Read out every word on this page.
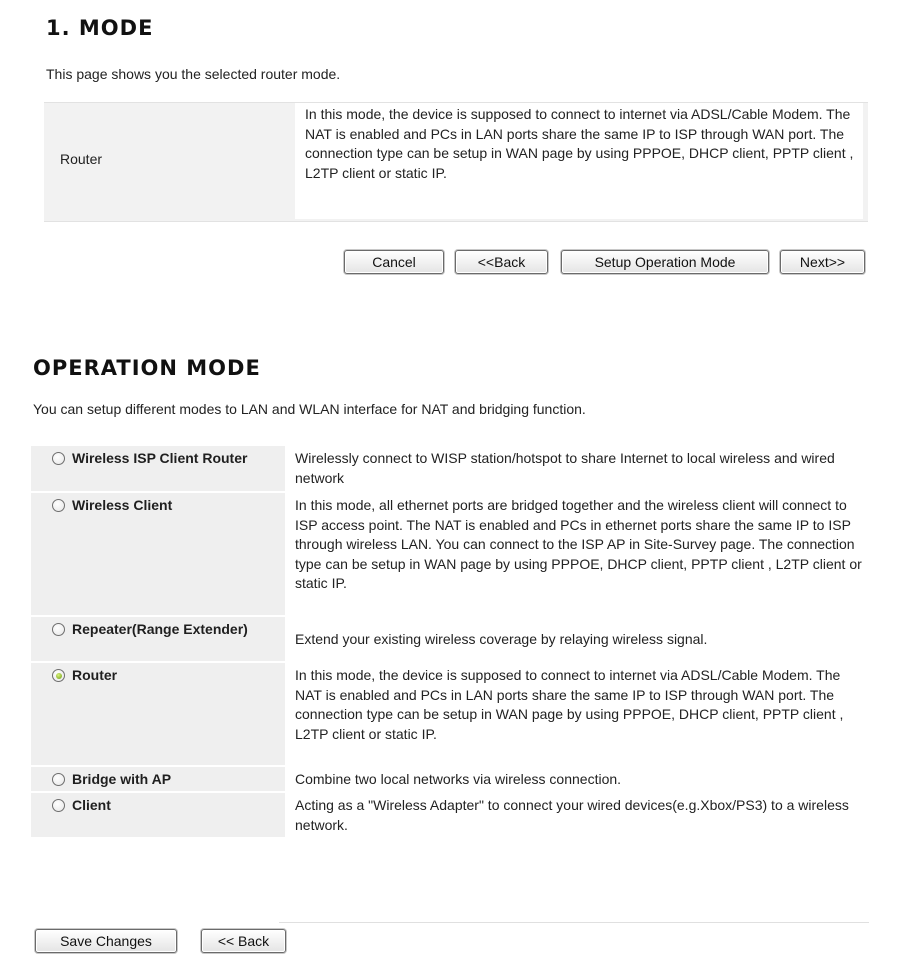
1. MODE

This page shows you the selected router mode.

Router
In this mode, the device is supposed to connect to internet via ADSL/Cable Modem. The NAT is enabled and PCs in LAN ports share the same IP to ISP through WAN port. The connection type can be setup in WAN page by using PPPOE, DHCP client, PPTP client , L2TP client or static IP.
Cancel	<<Back	Setup Operation Mode	Next>>
OPERATION MODE

You can setup different modes to LAN and WLAN interface for NAT and bridging function.

Wireless ISP Client Router	Wirelessly connect to WISP station/hotspot to share Internet to local wireless and wired network
Wireless Client	In this mode, all ethernet ports are bridged together and the wireless client will connect to ISP access point. The NAT is enabled and PCs in ethernet ports share the same IP to ISP through wireless LAN. You can connect to the ISP AP in Site-Survey page. The connection type can be setup in WAN page by using PPPOE, DHCP client, PPTP client , L2TP client or static IP.
Repeater(Range Extender)	Extend your existing wireless coverage by relaying wireless signal.
Router	In this mode, the device is supposed to connect to internet via ADSL/Cable Modem. The NAT is enabled and PCs in LAN ports share the same IP to ISP through WAN port. The connection type can be setup in WAN page by using PPPOE, DHCP client, PPTP client , L2TP client or static IP.
Bridge with AP	Combine two local networks via wireless connection.
Client	Acting as a "Wireless Adapter" to connect your wired devices(e.g.Xbox/PS3) to a wireless network.
Save Changes	<< Back
